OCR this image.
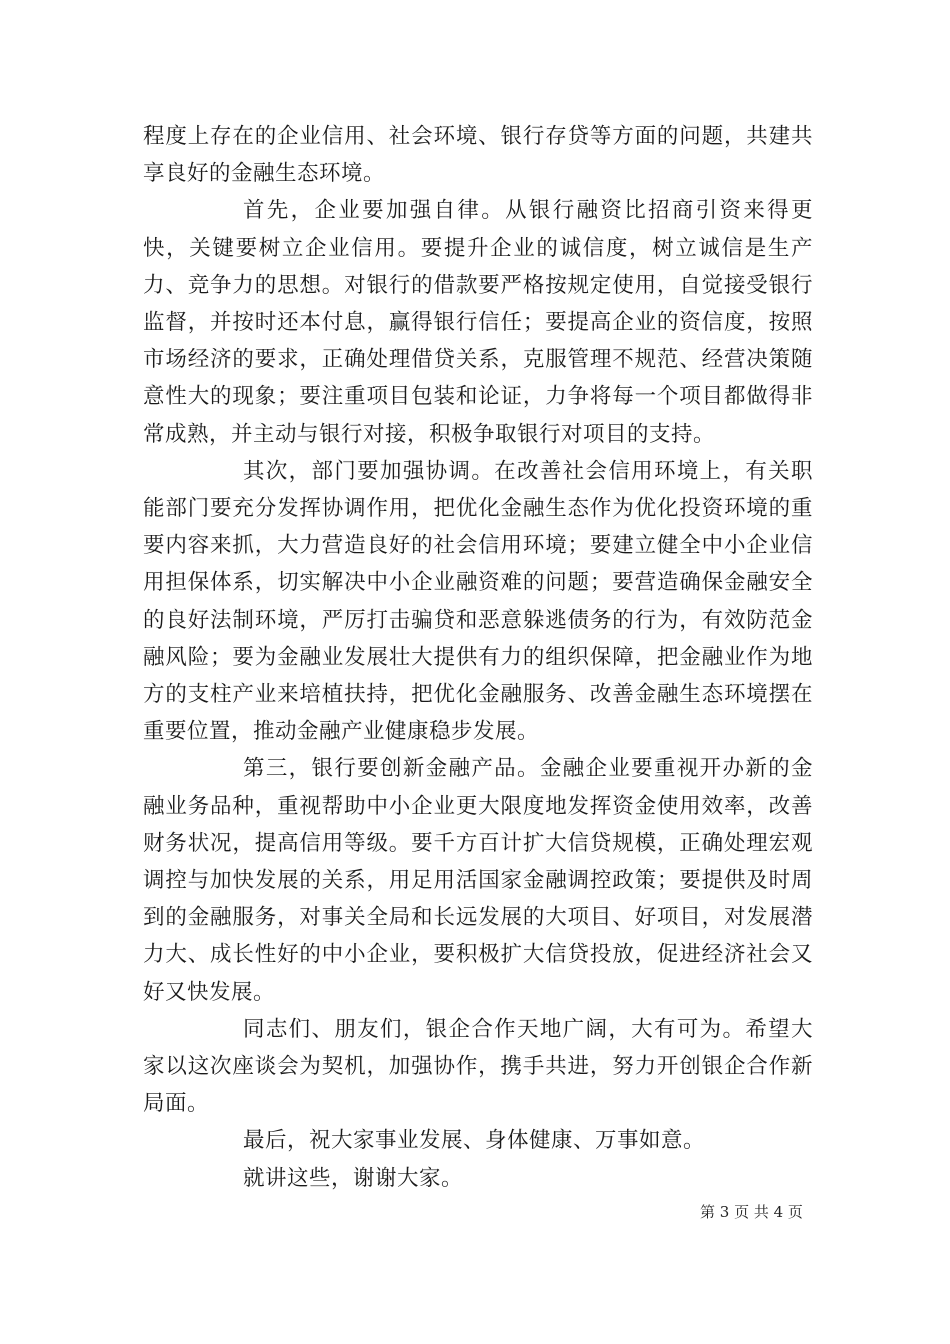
程度上存在的企业信用、社会环境、银行存贷等方面的问题，共建共享良好的金融生态环境。

首先，企业要加强自律。从银行融资比招商引资来得更快，关键要树立企业信用。要提升企业的诚信度，树立诚信是生产力、竞争力的思想。对银行的借款要严格按规定使用，自觉接受银行监督，并按时还本付息，赢得银行信任；要提高企业的资信度，按照市场经济的要求，正确处理借贷关系，克服管理不规范、经营决策随意性大的现象；要注重项目包装和论证，力争将每一个项目都做得非常成熟，并主动与银行对接，积极争取银行对项目的支持。

其次，部门要加强协调。在改善社会信用环境上，有关职能部门要充分发挥协调作用，把优化金融生态作为优化投资环境的重要内容来抓，大力营造良好的社会信用环境；要建立健全中小企业信用担保体系，切实解决中小企业融资难的问题；要营造确保金融安全的良好法制环境，严厉打击骗贷和恶意躲逃债务的行为，有效防范金融风险；要为金融业发展壮大提供有力的组织保障，把金融业作为地方的支柱产业来培植扶持，把优化金融服务、改善金融生态环境摆在重要位置，推动金融产业健康稳步发展。

第三，银行要创新金融产品。金融企业要重视开办新的金融业务品种，重视帮助中小企业更大限度地发挥资金使用效率，改善财务状况，提高信用等级。要千方百计扩大信贷规模，正确处理宏观调控与加快发展的关系，用足用活国家金融调控政策；要提供及时周到的金融服务，对事关全局和长远发展的大项目、好项目，对发展潜力大、成长性好的中小企业，要积极扩大信贷投放，促进经济社会又好又快发展。

同志们、朋友们，银企合作天地广阔，大有可为。希望大家以这次座谈会为契机，加强协作，携手共进，努力开创银企合作新局面。

最后，祝大家事业发展、身体健康、万事如意。

就讲这些，谢谢大家。

第 3 页 共 4 页
